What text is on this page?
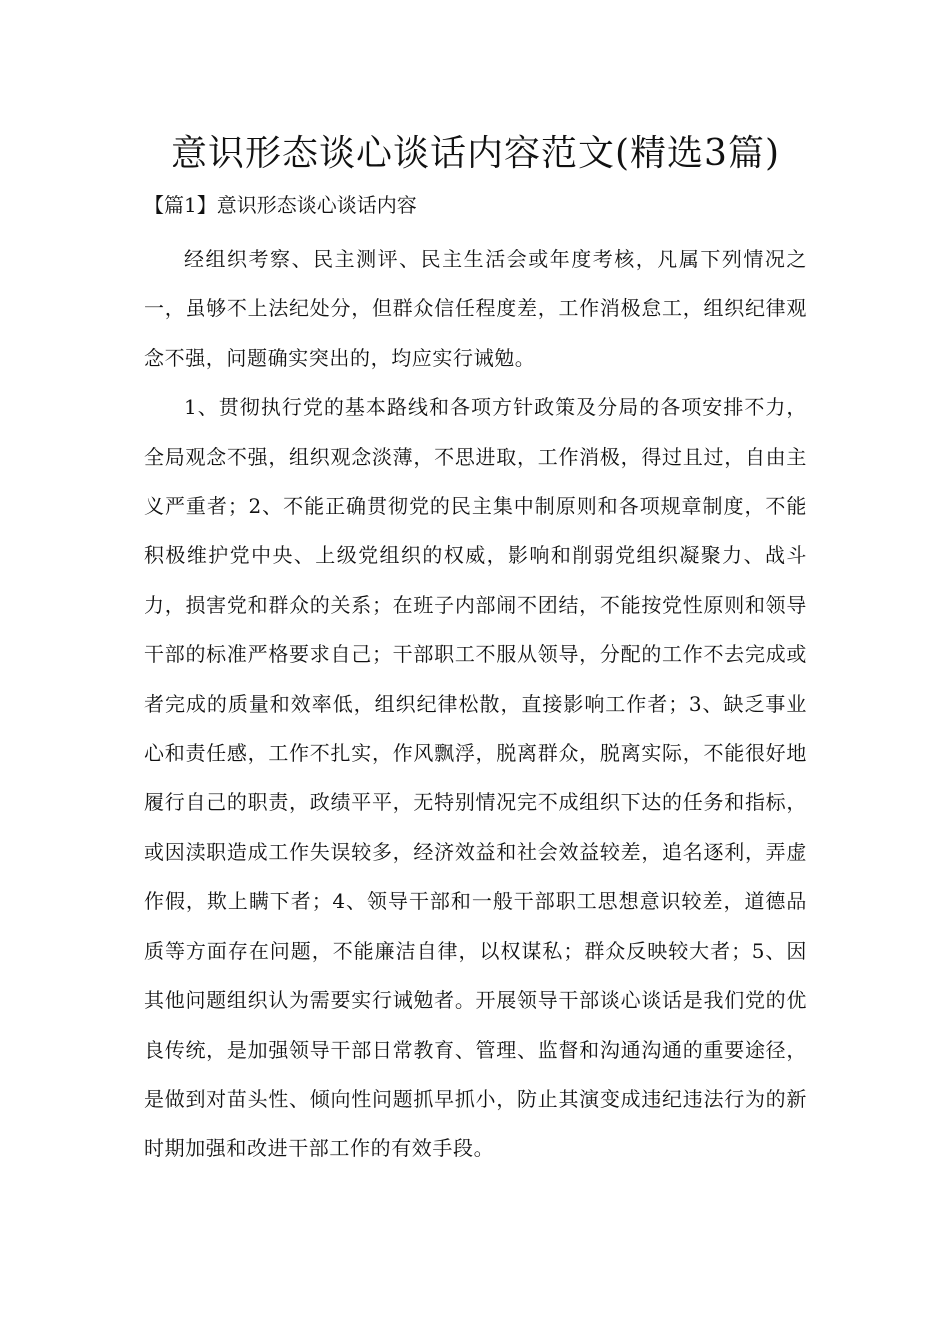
意识形态谈心谈话内容范文(精选3篇)
【篇1】意识形态谈心谈话内容

经组织考察、民主测评、民主生活会或年度考核，凡属下列情况之一，虽够不上法纪处分，但群众信任程度差，工作消极怠工，组织纪律观念不强，问题确实突出的，均应实行诫勉。

1、贯彻执行党的基本路线和各项方针政策及分局的各项安排不力，全局观念不强，组织观念淡薄，不思进取，工作消极，得过且过，自由主义严重者；2、不能正确贯彻党的民主集中制原则和各项规章制度，不能积极维护党中央、上级党组织的权威，影响和削弱党组织凝聚力、战斗力，损害党和群众的关系；在班子内部闹不团结，不能按党性原则和领导干部的标准严格要求自己；干部职工不服从领导，分配的工作不去完成或者完成的质量和效率低，组织纪律松散，直接影响工作者；3、缺乏事业心和责任感，工作不扎实，作风飘浮，脱离群众，脱离实际，不能很好地履行自己的职责，政绩平平，无特别情况完不成组织下达的任务和指标，或因渎职造成工作失误较多，经济效益和社会效益较差，追名逐利，弄虚作假，欺上瞒下者；4、领导干部和一般干部职工思想意识较差，道德品质等方面存在问题，不能廉洁自律，以权谋私；群众反映较大者；5、因其他问题组织认为需要实行诫勉者。开展领导干部谈心谈话是我们党的优良传统，是加强领导干部日常教育、管理、监督和沟通沟通的重要途径，是做到对苗头性、倾向性问题抓早抓小，防止其演变成违纪违法行为的新时期加强和改进干部工作的有效手段。
